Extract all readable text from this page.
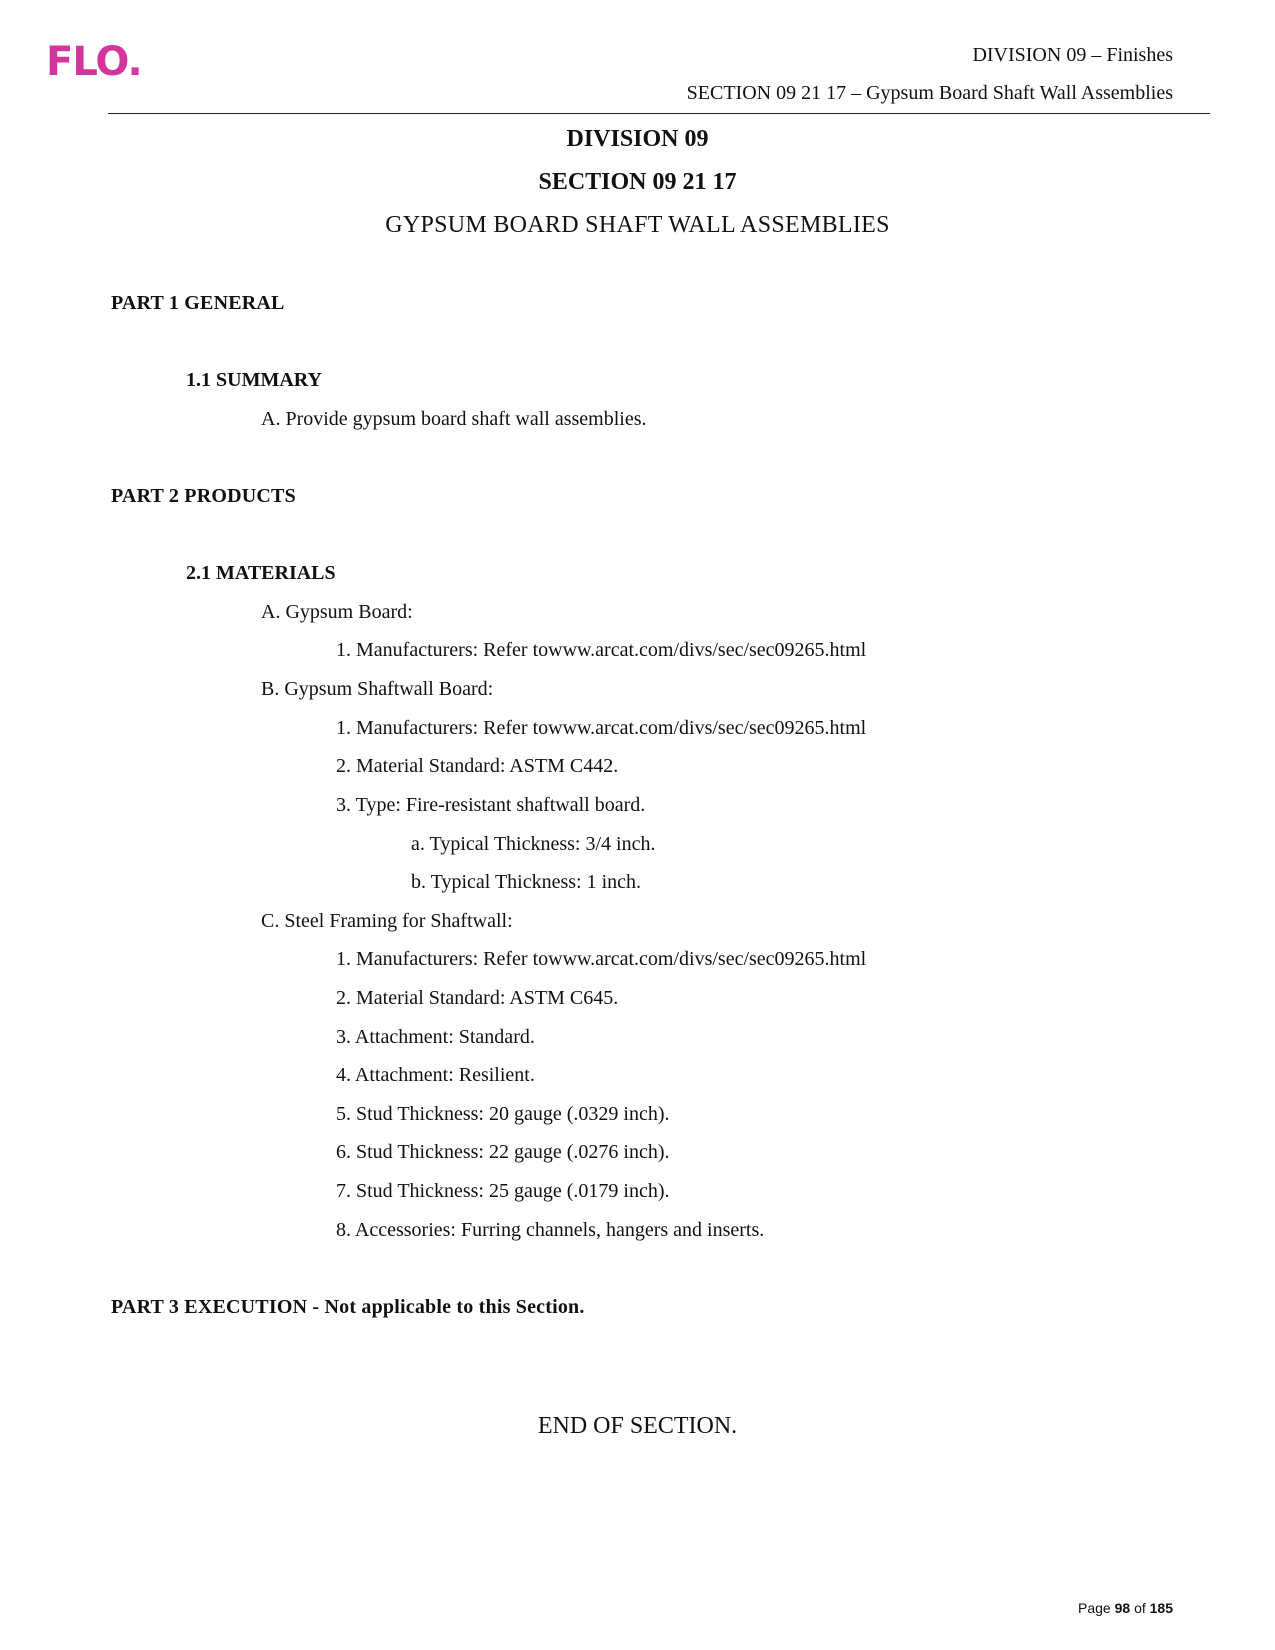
FLO.	DIVISION 09 – Finishes
SECTION 09 21 17 – Gypsum Board Shaft Wall Assemblies
DIVISION 09
SECTION 09 21 17
GYPSUM BOARD SHAFT WALL ASSEMBLIES
PART 1 GENERAL
1.1 SUMMARY
A. Provide gypsum board shaft wall assemblies.
PART 2 PRODUCTS
2.1 MATERIALS
A. Gypsum Board:
1. Manufacturers: Refer towww.arcat.com/divs/sec/sec09265.html
B. Gypsum Shaftwall Board:
1. Manufacturers: Refer towww.arcat.com/divs/sec/sec09265.html
2. Material Standard: ASTM C442.
3. Type: Fire-resistant shaftwall board.
a. Typical Thickness: 3/4 inch.
b. Typical Thickness: 1 inch.
C. Steel Framing for Shaftwall:
1. Manufacturers: Refer towww.arcat.com/divs/sec/sec09265.html
2. Material Standard: ASTM C645.
3. Attachment: Standard.
4. Attachment: Resilient.
5. Stud Thickness: 20 gauge (.0329 inch).
6. Stud Thickness: 22 gauge (.0276 inch).
7. Stud Thickness: 25 gauge (.0179 inch).
8. Accessories: Furring channels, hangers and inserts.
PART 3 EXECUTION - Not applicable to this Section.
END OF SECTION.
Page 98 of 185
